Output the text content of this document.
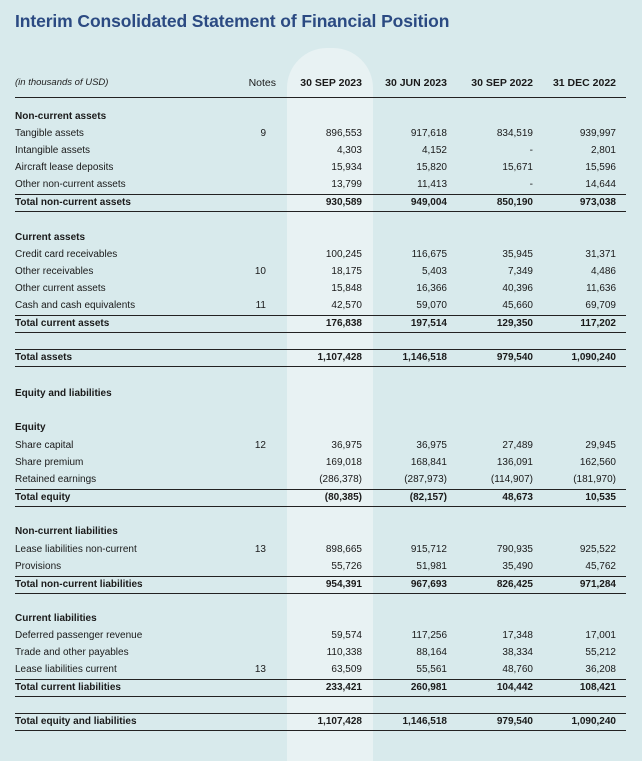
Interim Consolidated Statement of Financial Position
(in thousands of USD)	Notes	30 SEP 2023	30 JUN 2023	30 SEP 2022	31 DEC 2022
Non-current assets
Tangible assets	9	896,553	917,618	834,519	939,997
Intangible assets	4,303	4,152	-	2,801
Aircraft lease deposits	15,934	15,820	15,671	15,596
Other non-current assets	13,799	11,413	-	14,644
Total non-current assets	930,589	949,004	850,190	973,038
Current assets
Credit card receivables	100,245	116,675	35,945	31,371
Other receivables	10	18,175	5,403	7,349	4,486
Other current assets	15,848	16,366	40,396	11,636
Cash and cash equivalents	11	42,570	59,070	45,660	69,709
Total current assets	176,838	197,514	129,350	117,202
Total assets	1,107,428	1,146,518	979,540	1,090,240
Equity and liabilities
Equity
Share capital	12	36,975	36,975	27,489	29,945
Share premium	169,018	168,841	136,091	162,560
Retained earnings	(286,378)	(287,973)	(114,907)	(181,970)
Total equity	(80,385)	(82,157)	48,673	10,535
Non-current liabilities
Lease liabilities non-current	13	898,665	915,712	790,935	925,522
Provisions	55,726	51,981	35,490	45,762
Total non-current liabilities	954,391	967,693	826,425	971,284
Current liabilities
Deferred passenger revenue	59,574	117,256	17,348	17,001
Trade and other payables	110,338	88,164	38,334	55,212
Lease liabilities current	13	63,509	55,561	48,760	36,208
Total current liabilities	233,421	260,981	104,442	108,421
Total equity and liabilities	1,107,428	1,146,518	979,540	1,090,240
